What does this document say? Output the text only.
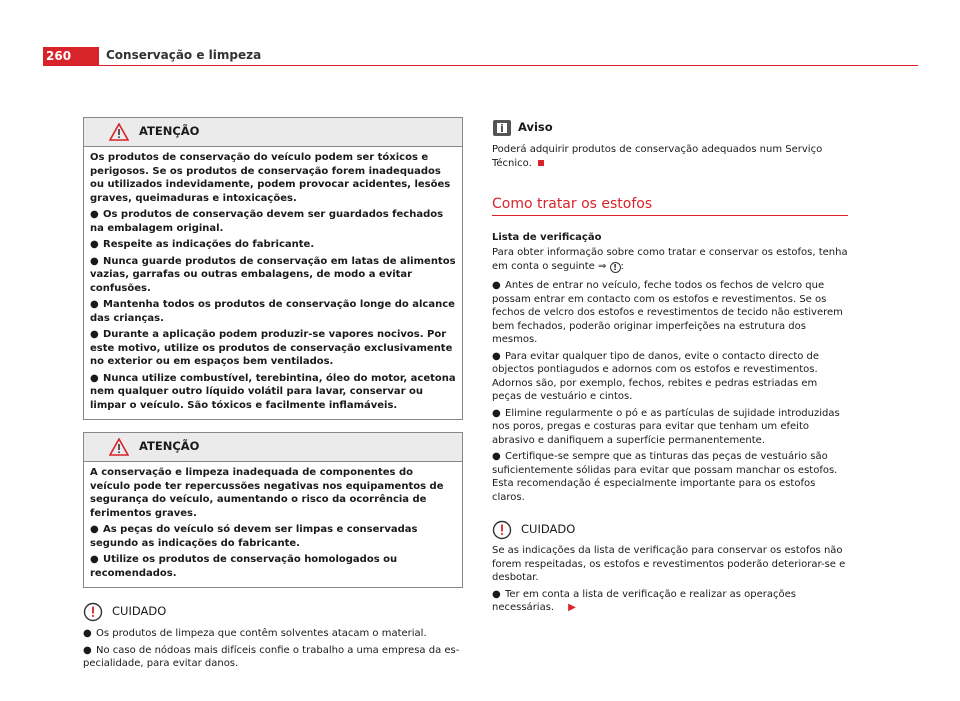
260	Conservação e limpeza
ATENÇÃO

Os produtos de conservação do veículo podem ser tóxicos e perigosos. Se os produtos de conservação forem inadequados ou utilizados indevidamente, podem provocar acidentes, lesões graves, queimaduras e intoxicações.

● Os produtos de conservação devem ser guardados fechados na embalagem original.

● Respeite as indicações do fabricante.

● Nunca guarde produtos de conservação em latas de alimentos vazias, garrafas ou outras embalagens, de modo a evitar confusões.

● Mantenha todos os produtos de conservação longe do alcance das crianças.

● Durante a aplicação podem produzir-se vapores nocivos. Por este motivo, utilize os produtos de conservação exclusivamente no exterior ou em espaços bem ventilados.

● Nunca utilize combustível, terebintina, óleo do motor, acetona nem qualquer outro líquido volátil para lavar, conservar ou limpar o veículo. São tóxicos e facilmente inflamáveis.

ATENÇÃO

A conservação e limpeza inadequada de componentes do veículo pode ter repercussões negativas nos equipamentos de segurança do veículo, aumentando o risco da ocorrência de ferimentos graves.

● As peças do veículo só devem ser limpas e conservadas segundo as indicações do fabricante.

● Utilize os produtos de conservação homologados ou recomendados.

CUIDADO

● Os produtos de limpeza que contêm solventes atacam o material.

● No caso de nódoas mais difíceis confie o trabalho a uma empresa da especialidade, para evitar danos.

Aviso

Poderá adquirir produtos de conservação adequados num Serviço Técnico.

Como tratar os estofos
Lista de verificação

Para obter informação sobre como tratar e conservar os estofos, tenha em conta o seguinte ⇒ ! :

● Antes de entrar no veículo, feche todos os fechos de velcro que possam entrar em contacto com os estofos e revestimentos. Se os fechos de velcro dos estofos e revestimentos de tecido não estiverem bem fechados, poderão originar imperfeições na estrutura dos mesmos.

● Para evitar qualquer tipo de danos, evite o contacto directo de objectos pontiagudos e adornos com os estofos e revestimentos. Adornos são, por exemplo, fechos, rebites e pedras estriadas em peças de vestuário e cintos.

● Elimine regularmente o pó e as partículas de sujidade introduzidas nos poros, pregas e costuras para evitar que tenham um efeito abrasivo e danifiquem a superfície permanentemente.

● Certifique-se sempre que as tinturas das peças de vestuário são suficientemente sólidas para evitar que possam manchar os estofos. Esta recomendação é especialmente importante para os estofos claros.

CUIDADO

Se as indicações da lista de verificação para conservar os estofos não forem respeitadas, os estofos e revestimentos poderão deteriorar-se e desbotar.

● Ter em conta a lista de verificação e realizar as operações necessárias. ▶
